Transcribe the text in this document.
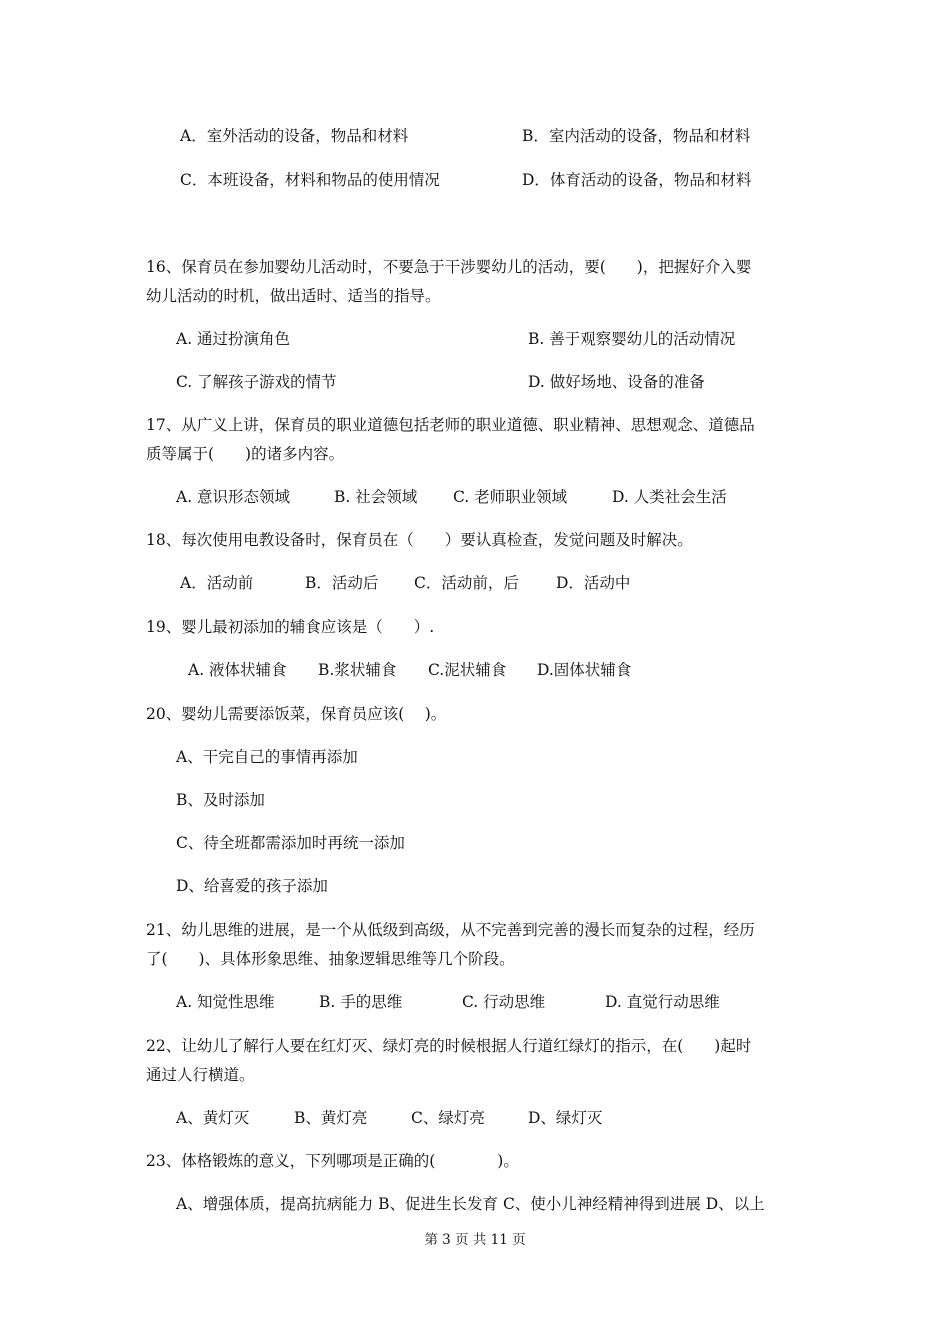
A．室外活动的设备，物品和材料	B．室内活动的设备，物品和材料
C．本班设备，材料和物品的使用情况	D．体育活动的设备，物品和材料
16、保育员在参加婴幼儿活动时，不要急于干涉婴幼儿的活动，要(　　)，把握好介入婴
幼儿活动的时机，做出适时、适当的指导。
A. 通过扮演角色	B. 善于观察婴幼儿的活动情况
C. 了解孩子游戏的情节	D. 做好场地、设备的准备
17、从广义上讲，保育员的职业道德包括老师的职业道德、职业精神、思想观念、道德品
质等属于(　　)的诸多内容。
A. 意识形态领域	B. 社会领域 C. 老师职业领域	D. 人类社会生活
18、每次使用电教设备时，保育员在（　　）要认真检查，发觉问题及时解决。
A．活动前	B．活动后 C．活动前，后 D．活动中
19、婴儿最初添加的辅食应该是（　　）.
A. 液体状辅食 B.浆状辅食 C.泥状辅食 D.固体状辅食
20、婴幼儿需要添饭菜，保育员应该(　 )。
A、干完自己的事情再添加
B、及时添加
C、待全班都需添加时再统一添加
D、给喜爱的孩子添加
21、幼儿思维的进展，是一个从低级到高级，从不完善到完善的漫长而复杂的过程，经历
了(　　)、具体形象思维、抽象逻辑思维等几个阶段。
A. 知觉性思维	B. 手的思维	C. 行动思维	D. 直觉行动思维
22、让幼儿了解行人要在红灯灭、绿灯亮的时候根据人行道红绿灯的指示，在(　　)起时
通过人行横道。
A、黄灯灭	B、黄灯亮	C、绿灯亮	D、绿灯灭
23、体格锻炼的意义，下列哪项是正确的(　　　　)。
A、增强体质，提高抗病能力 B、促进生长发育 C、使小儿神经精神得到进展 D、以上
第 3 页 共 11 页
